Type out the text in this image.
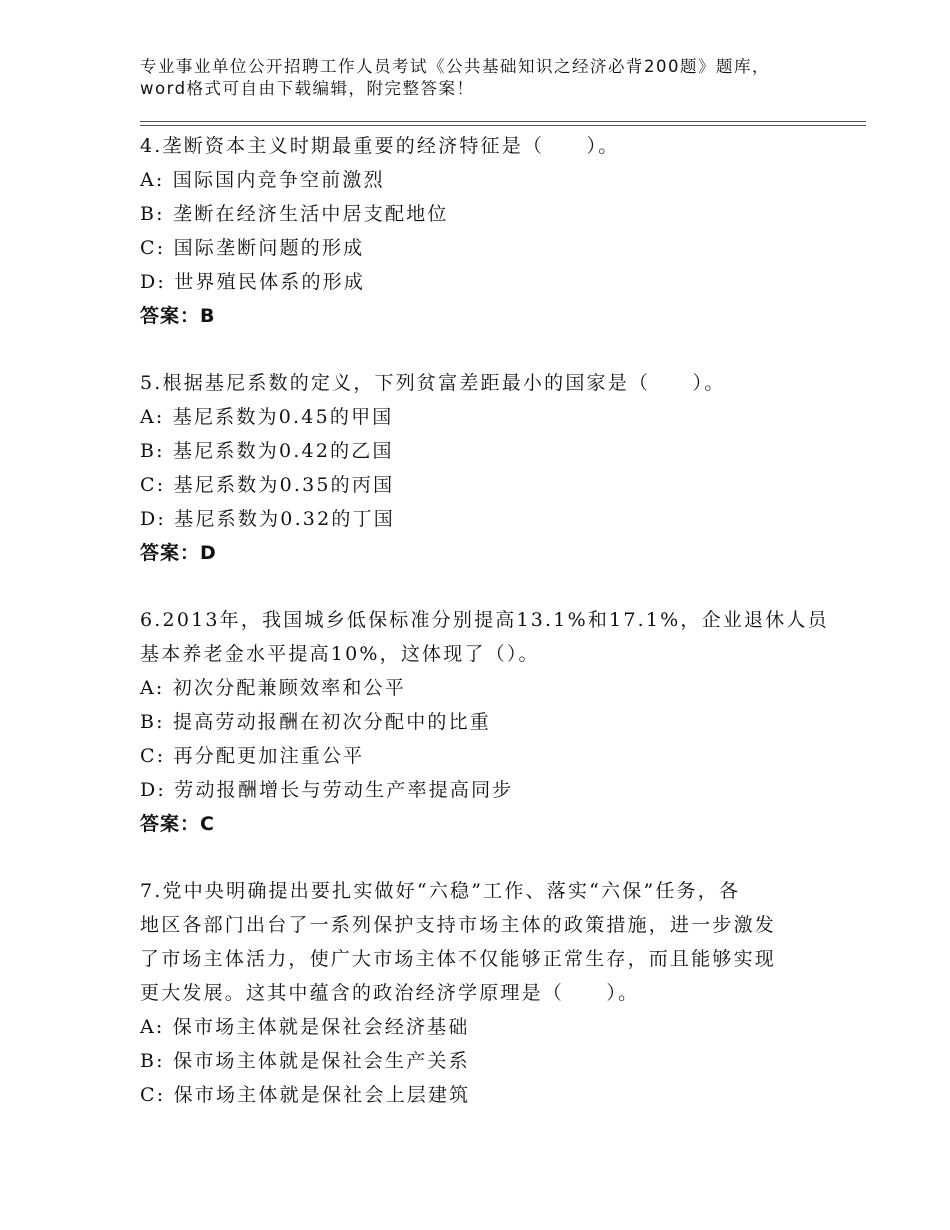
专业事业单位公开招聘工作人员考试《公共基础知识之经济必背200题》题库，word格式可自由下载编辑，附完整答案！
4.垄断资本主义时期最重要的经济特征是（　　）。
A: 国际国内竞争空前激烈
B: 垄断在经济生活中居支配地位
C: 国际垄断问题的形成
D: 世界殖民体系的形成
答案：B
5.根据基尼系数的定义，下列贫富差距最小的国家是（　　）。
A: 基尼系数为0.45的甲国
B: 基尼系数为0.42的乙国
C: 基尼系数为0.35的丙国
D: 基尼系数为0.32的丁国
答案：D
6.2013年，我国城乡低保标准分别提高13.1%和17.1%，企业退休人员
基本养老金水平提高10%，这体现了（）。
A: 初次分配兼顾效率和公平
B: 提高劳动报酬在初次分配中的比重
C: 再分配更加注重公平
D: 劳动报酬增长与劳动生产率提高同步
答案：C
7.党中央明确提出要扎实做好“六稳”工作、落实“六保”任务，各
地区各部门出台了一系列保护支持市场主体的政策措施，进一步激发
了市场主体活力，使广大市场主体不仅能够正常生存，而且能够实现
更大发展。这其中蕴含的政治经济学原理是（　　）。
A: 保市场主体就是保社会经济基础
B: 保市场主体就是保社会生产关系
C: 保市场主体就是保社会上层建筑
